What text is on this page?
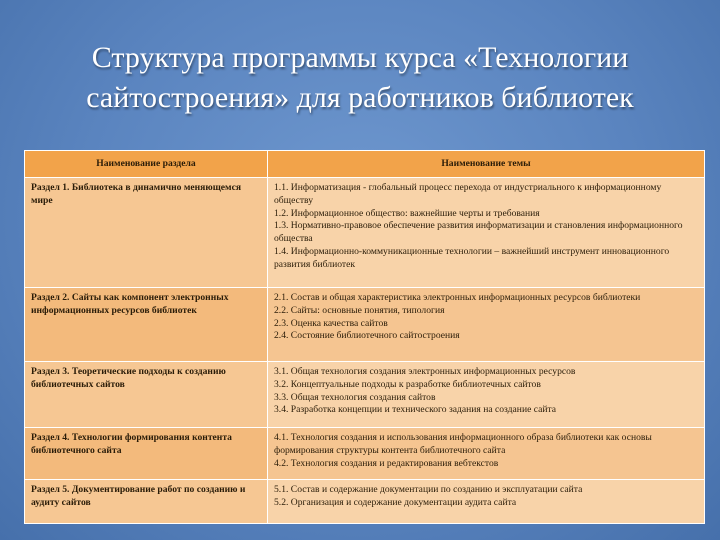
Структура программы курса «Технологии
сайтостроения» для работников библиотек
Наименование раздела	Наименование темы
Раздел 1. Библиотека в динамично меняющемся мире	1.1. Информатизация - глобальный процесс перехода от индустриального к информационному обществу
1.2. Информационное общество: важнейшие черты и требования
1.3. Нормативно-правовое обеспечение развития информатизации и становления информационного общества
1.4. Информационно-коммуникационные технологии – важнейший инструмент инновационного развития библиотек

Раздел 2. Сайты как компонент электронных информационных ресурсов библиотек	2.1. Состав и общая характеристика электронных информационных ресурсов библиотеки
2.2. Сайты: основные понятия, типология
2.3. Оценка качества сайтов
2.4. Состояние библиотечного сайтостроения

Раздел 3. Теоретические подходы к созданию библиотечных сайтов	3.1. Общая технология создания электронных информационных ресурсов
3.2. Концептуальные подходы к разработке библиотечных сайтов
3.3. Общая технология создания сайтов
3.4. Разработка концепции и технического задания на создание сайта

Раздел 4. Технологии формирования контента библиотечного сайта	4.1. Технология создания и использования информационного образа библиотеки как основы формирования структуры контента библиотечного сайта
4.2. Технология создания и редактирования вебтекстов

Раздел 5. Документирование работ по созданию и аудиту сайтов	5.1. Состав и содержание документации по созданию и эксплуатации сайта
5.2. Организация и содержание документации аудита сайта
